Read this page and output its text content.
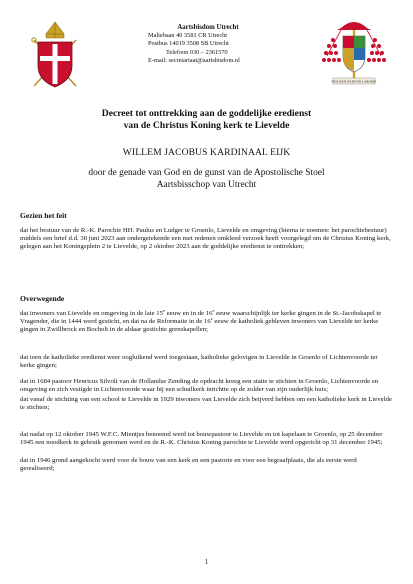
Aartsbisdom Utrecht
Maliebaan 40 3581 CR Utrecht
Postbus 14019 3508 SB Utrecht
Telefoon 030 – 2361570
E-mail: secretariaat@aartsbisdom.nl
SINE REPUTABITUR LABORES
Decreet tot onttrekking aan de goddelijke eredienst
van de Christus Koning kerk te Lievelde
WILLEM JACOBUS KARDINAAL EIJK
door de genade van God en de gunst van de Apostolische Stoel
Aartsbisschop van Utrecht
Gezien het feit
dat het bestuur van de R.-K. Parochie HH. Paulus en Ludger te Groenlo, Lievelde en omgeving (hierna te noemen: het parochiebestuur) middels een brief d.d. 30 juni 2023 aan ondergetekende een met redenen omkleed verzoek heeft voorgelegd om de Christus Koning kerk, gelegen aan het Koningsplein 2 te Lievelde, op 2 oktober 2023 aan de goddelijke eredienst te onttrekken;
Overwegende
dat inwoners van Lievelde en omgeving in de late 15e eeuw en in de 16e eeuw waarschijnlijk ter kerke gingen in de St.-Jacobskapel te Vragender, die in 1444 werd gesticht, en dat na de Reformatie in de 16e eeuw de katholiek gebleven inwoners van Lievelde ter kerke gingen in Zwillbrock en Bocholt in de aldaar gestichte grenskapellen;
dat toen de katholieke eredienst weer oogluikend werd toegestaan, katholieke gelovigen in Lievelde in Groenlo of Lichtenvoorde ter kerke gingen;
dat in 1684 pastoor Henricus Silvolt van de Hollandse Zending de opdracht kreeg een statie te stichten in Groenlo, Lichtenvoorde en omgeving en zich vestigde in Lichtenvoorde waar hij een schuilkerk inrichtte op de zolder van zijn ouderlijk huis;
dat vanaf de stichting van een school te Lievelde in 1929 inwoners van Lievelde zich beijverd hebben om een katholieke kerk in Lievelde te stichten;
dat nadat op 12 oktober 1945 W.F.C. Mientjes benoemd werd tot bouwpastoor te Lievelde en tot kapelaan te Groenlo, op 25 december 1945 een noodkerk in gebruik genomen werd en de R.-K. Christus Koning parochie te Lievelde werd opgericht op 31 december 1945;
dat in 1946 grond aangekocht werd voor de bouw van een kerk en een pastorie en voor een begraafplaats, die als eerste werd gerealiseerd;
1
